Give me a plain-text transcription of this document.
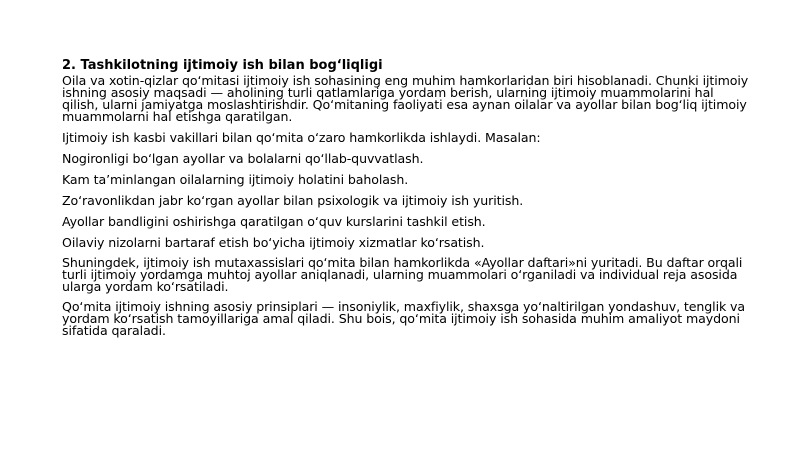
2. Tashkilotning ijtimoiy ish bilan bog‘liqligi

Oila va xotin-qizlar qo‘mitasi ijtimoiy ish sohasining eng muhim hamkorlaridan biri hisoblanadi. Chunki ijtimoiy ishning asosiy maqsadi — aholining turli qatlamlariga yordam berish, ularning ijtimoiy muammolarini hal qilish, ularni jamiyatga moslashtirishdir. Qo‘mitaning faoliyati esa aynan oilalar va ayollar bilan bog‘liq ijtimoiy muammolarni hal etishga qaratilgan.

Ijtimoiy ish kasbi vakillari bilan qo‘mita o‘zaro hamkorlikda ishlaydi. Masalan:

Nogironligi bo‘lgan ayollar va bolalarni qo‘llab-quvvatlash.

Kam ta’minlangan oilalarning ijtimoiy holatini baholash.

Zo‘ravonlikdan jabr ko‘rgan ayollar bilan psixologik va ijtimoiy ish yuritish.

Ayollar bandligini oshirishga qaratilgan o‘quv kurslarini tashkil etish.

Oilaviy nizolarni bartaraf etish bo‘yicha ijtimoiy xizmatlar ko‘rsatish.

Shuningdek, ijtimoiy ish mutaxassislari qo‘mita bilan hamkorlikda «Ayollar daftari»ni yuritadi. Bu daftar orqali turli ijtimoiy yordamga muhtoj ayollar aniqlanadi, ularning muammolari o‘rganiladi va individual reja asosida ularga yordam ko‘rsatiladi.

Qo‘mita ijtimoiy ishning asosiy prinsiplari — insoniylik, maxfiylik, shaxsga yo‘naltirilgan yondashuv, tenglik va yordam ko‘rsatish tamoyillariga amal qiladi. Shu bois, qo‘mita ijtimoiy ish sohasida muhim amaliyot maydoni sifatida qaraladi.
